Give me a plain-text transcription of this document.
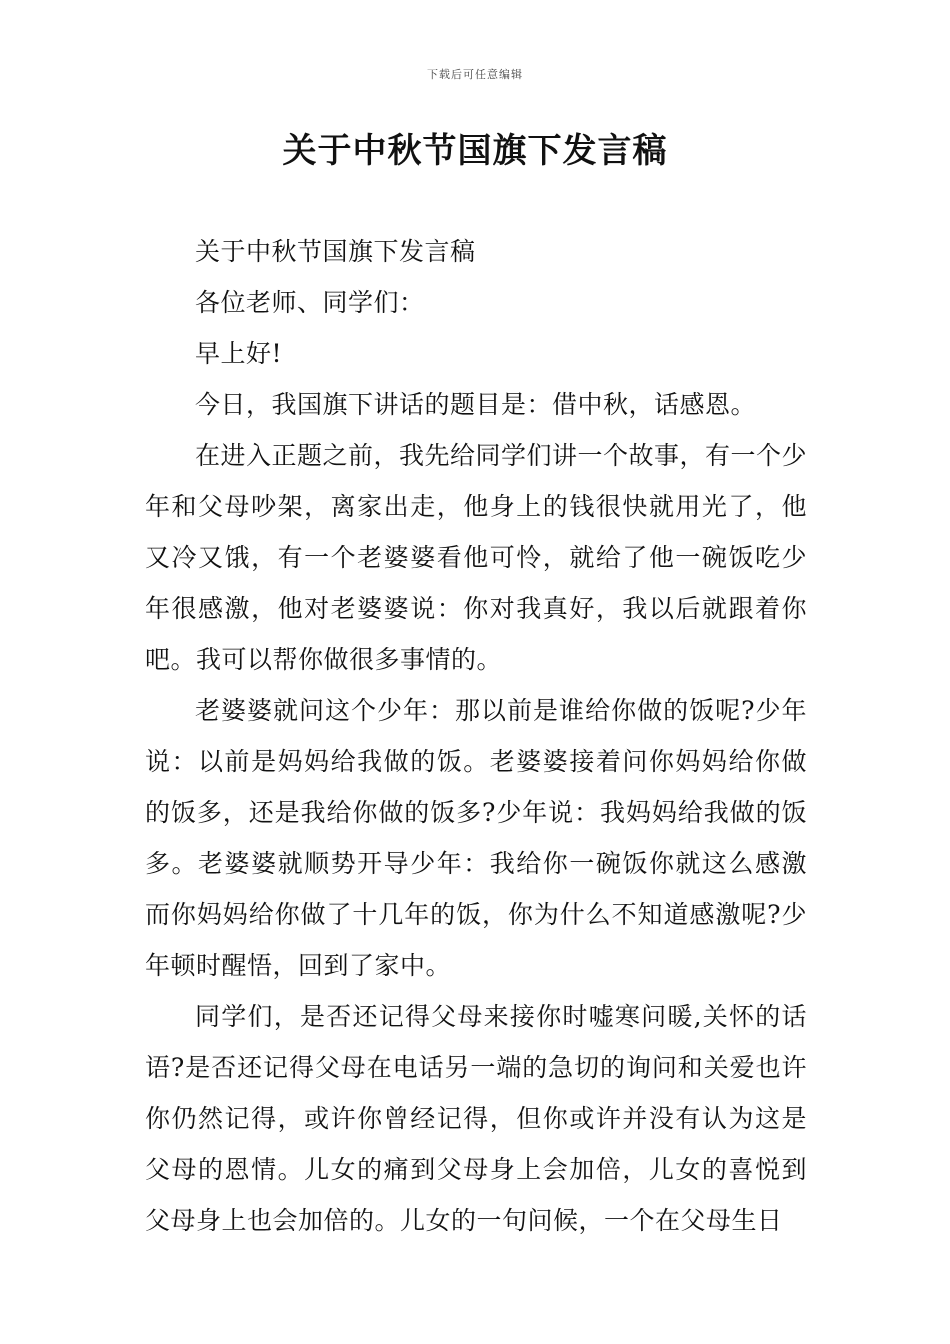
下载后可任意编辑
关于中秋节国旗下发言稿

关于中秋节国旗下发言稿

各位老师、同学们：

早上好!

今日，我国旗下讲话的题目是：借中秋，话感恩。

在进入正题之前，我先给同学们讲一个故事，有一个少年和父母吵架，离家出走，他身上的钱很快就用光了，他又冷又饿，有一个老婆婆看他可怜，就给了他一碗饭吃少年很感激，他对老婆婆说：你对我真好，我以后就跟着你吧。我可以帮你做很多事情的。

老婆婆就问这个少年：那以前是谁给你做的饭呢?少年说：以前是妈妈给我做的饭。老婆婆接着问你妈妈给你做的饭多，还是我给你做的饭多?少年说：我妈妈给我做的饭多。老婆婆就顺势开导少年：我给你一碗饭你就这么感激而你妈妈给你做了十几年的饭，你为什么不知道感激呢?少年顿时醒悟，回到了家中。

同学们，是否还记得父母来接你时嘘寒问暖,关怀的话语?是否还记得父母在电话另一端的急切的询问和关爱也许你仍然记得，或许你曾经记得，但你或许并没有认为这是父母的恩情。儿女的痛到父母身上会加倍，儿女的喜悦到父母身上也会加倍的。儿女的一句问候，一个在父母生日
